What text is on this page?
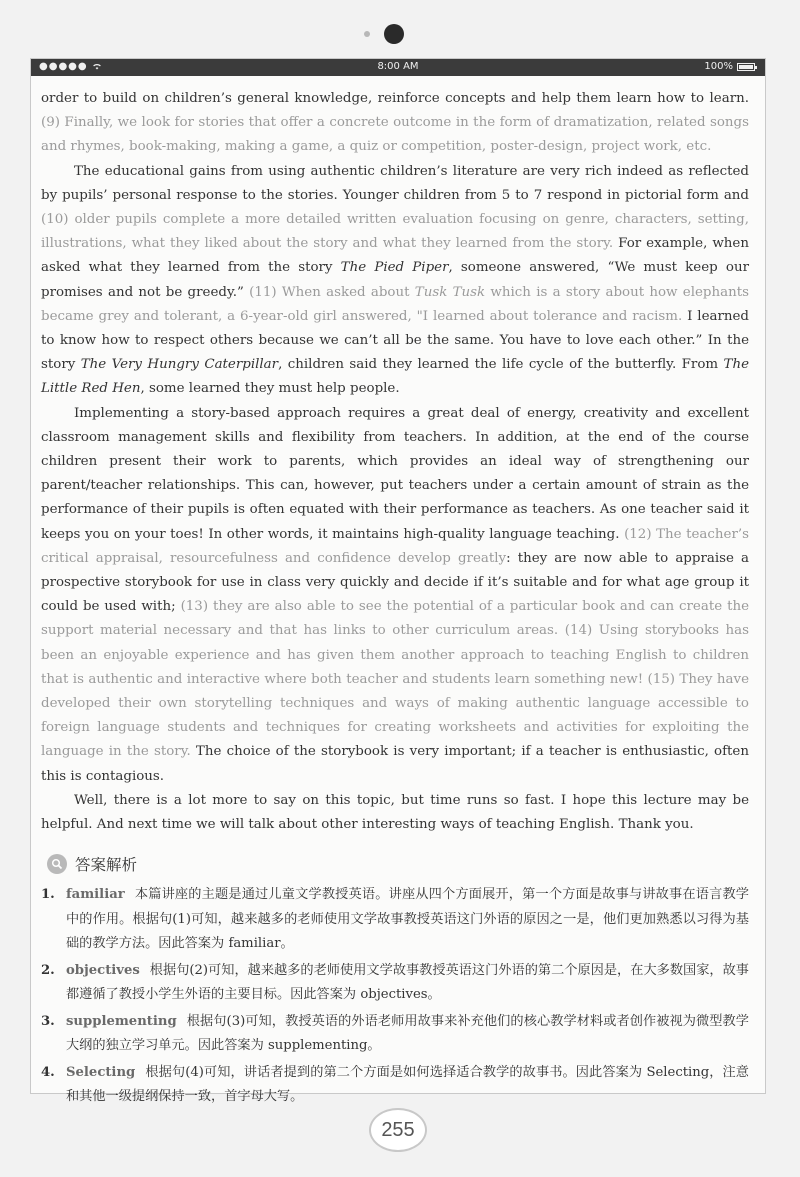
●●●●●	8:00 AM	100%

order to build on children’s general knowledge, reinforce concepts and help them learn how to learn. (9) Finally, we look for stories that offer a concrete outcome in the form of dramatization, related songs and rhymes, book-making, making a game, a quiz or competition, poster-design, project work, etc.

The educational gains from using authentic children’s literature are very rich indeed as reflected by pupils’ personal response to the stories. Younger children from 5 to 7 respond in pictorial form and (10) older pupils complete a more detailed written evaluation focusing on genre, characters, setting, illustrations, what they liked about the story and what they learned from the story. For example, when asked what they learned from the story The Pied Piper, someone answered, “We must keep our promises and not be greedy.” (11) When asked about Tusk Tusk which is a story about how elephants became grey and tolerant, a 6-year-old girl answered, "I learned about tolerance and racism. I learned to know how to respect others because we can’t all be the same. You have to love each other.” In the story The Very Hungry Caterpillar, children said they learned the life cycle of the butterfly. From The Little Red Hen, some learned they must help people.

Implementing a story-based approach requires a great deal of energy, creativity and excellent classroom management skills and flexibility from teachers. In addition, at the end of the course children present their work to parents, which provides an ideal way of strengthening our parent/teacher relationships. This can, however, put teachers under a certain amount of strain as the performance of their pupils is often equated with their performance as teachers. As one teacher said it keeps you on your toes! In other words, it maintains high-quality language teaching. (12) The teacher’s critical appraisal, resourcefulness and confidence develop greatly: they are now able to appraise a prospective storybook for use in class very quickly and decide if it’s suitable and for what age group it could be used with; (13) they are also able to see the potential of a particular book and can create the support material necessary and that has links to other curriculum areas. (14) Using storybooks has been an enjoyable experience and has given them another approach to teaching English to children that is authentic and interactive where both teacher and students learn something new! (15) They have developed their own storytelling techniques and ways of making authentic language accessible to foreign language students and techniques for creating worksheets and activities for exploiting the language in the story. The choice of the storybook is very important; if a teacher is enthusiastic, often this is contagious.

Well, there is a lot more to say on this topic, but time runs so fast. I hope this lecture may be helpful. And next time we will talk about other interesting ways of teaching English. Thank you.

答案解析
1. familiar 本篇讲座的主题是通过儿童文学教授英语。讲座从四个方面展开，第一个方面是故事与讲故事在语言教学中的作用。根据句(1)可知，越来越多的老师使用文学故事教授英语这门外语的原因之一是，他们更加熟悉以习得为基础的教学方法。因此答案为 familiar。
2. objectives 根据句(2)可知，越来越多的老师使用文学故事教授英语这门外语的第二个原因是，在大多数国家，故事都遵循了教授小学生外语的主要目标。因此答案为 objectives。
3. supplementing 根据句(3)可知，教授英语的外语老师用故事来补充他们的核心教学材料或者创作被视为微型教学大纲的独立学习单元。因此答案为 supplementing。
4. Selecting 根据句(4)可知，讲话者提到的第二个方面是如何选择适合教学的故事书。因此答案为 Selecting，注意和其他一级提纲保持一致，首字母大写。
255
